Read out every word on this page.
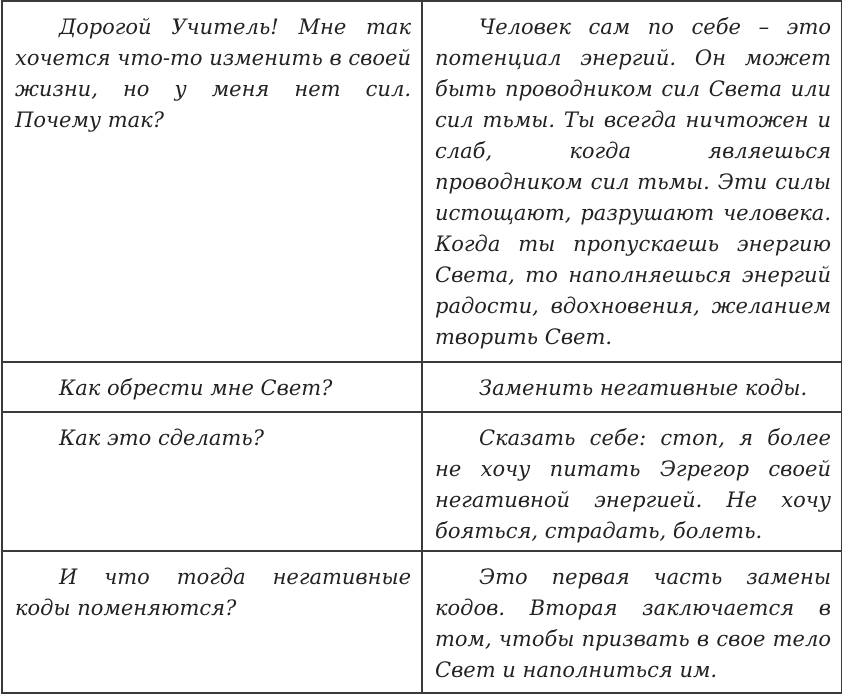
Дорогой Учитель! Мне так хочется что-то изменить в своей жизни, но у меня нет сил. Почему так?	Человек сам по себе – это потенциал энергий. Он может быть проводником сил Света или сил тьмы. Ты всегда ничтожен и слаб, когда являешься проводником сил тьмы. Эти силы истощают, разрушают человека. Когда ты пропускаешь энергию Света, то наполняешься энергий радости, вдохновения, желанием творить Свет.
Как обрести мне Свет?	Заменить негативные коды.
Как это сделать?	Сказать себе: стоп, я более не хочу питать Эгрегор своей негативной энергией. Не хочу бояться, страдать, болеть.
И что тогда негативные коды поменяются?	Это первая часть замены кодов. Вторая заключается в том, чтобы призвать в свое тело Свет и наполниться им.
